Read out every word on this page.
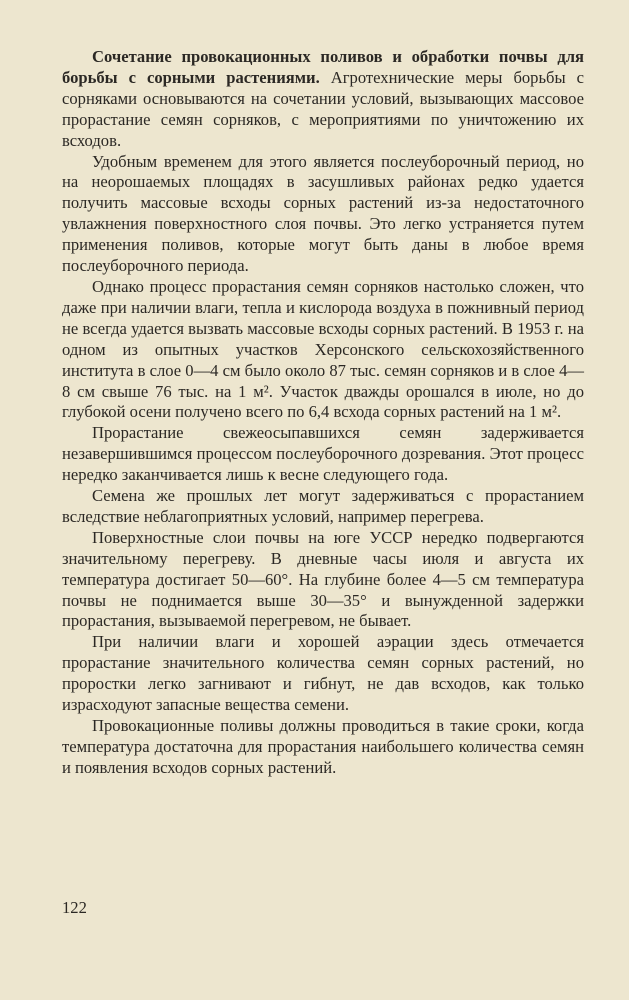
Сочетание провокационных поливов и обработки почвы для борьбы с сорными растениями. Агротехнические меры борьбы с сорняками основываются на сочетании условий, вызывающих массовое прорастание семян сорняков, с мероприятиями по уничтожению их всходов.

Удобным временем для этого является послеуборочный период, но на неорошаемых площадях в засушливых районах редко удается получить массовые всходы сорных растений из-за недостаточного увлажнения поверхностного слоя почвы. Это легко устраняется путем применения поливов, которые могут быть даны в любое время послеуборочного периода.

Однако процесс прорастания семян сорняков настолько сложен, что даже при наличии влаги, тепла и кислорода воздуха в пожнивный период не всегда удается вызвать массовые всходы сорных растений. В 1953 г. на одном из опытных участков Херсонского сельскохозяйственного института в слое 0—4 см было около 87 тыс. семян сорняков и в слое 4—8 см свыше 76 тыс. на 1 м². Участок дважды орошался в июле, но до глубокой осени получено всего по 6,4 всхода сорных растений на 1 м².

Прорастание свежеосыпавшихся семян задерживается незавершившимся процессом послеуборочного дозревания. Этот процесс нередко заканчивается лишь к весне следующего года.

Семена же прошлых лет могут задерживаться с прорастанием вследствие неблагоприятных условий, например перегрева.

Поверхностные слои почвы на юге УССР нередко подвергаются значительному перегреву. В дневные часы июля и августа их температура достигает 50—60°. На глубине более 4—5 см температура почвы не поднимается выше 30—35° и вынужденной задержки прорастания, вызываемой перегревом, не бывает.

При наличии влаги и хорошей аэрации здесь отмечается прорастание значительного количества семян сорных растений, но проростки легко загнивают и гибнут, не дав всходов, как только израсходуют запасные вещества семени.

Провокационные поливы должны проводиться в такие сроки, когда температура достаточна для прорастания наибольшего количества семян и появления всходов сорных растений.

122
